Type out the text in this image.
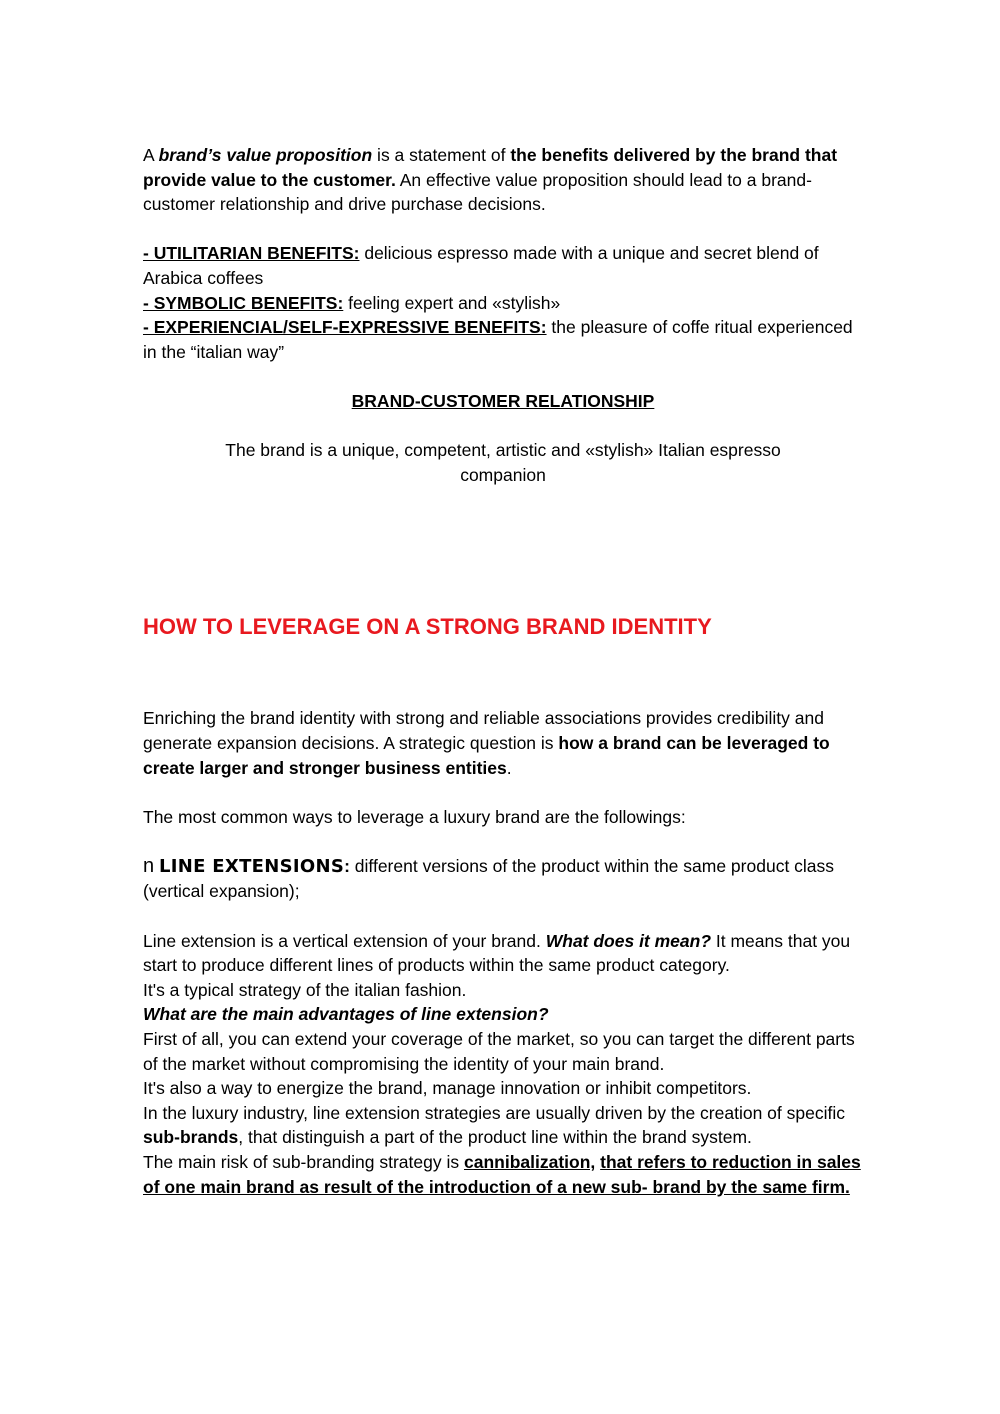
A brand’s value proposition is a statement of the benefits delivered by the brand that provide value to the customer. An effective value proposition should lead to a brand-customer relationship and drive purchase decisions.

- UTILITARIAN BENEFITS: delicious espresso made with a unique and secret blend of Arabica coffees

- SYMBOLIC BENEFITS: feeling expert and «stylish»

- EXPERIENCIAL/SELF-EXPRESSIVE BENEFITS: the pleasure of coffe ritual experienced in the “italian way”

BRAND-CUSTOMER RELATIONSHIP

The brand is a unique, competent, artistic and «stylish» Italian espresso companion

HOW TO LEVERAGE ON A STRONG BRAND IDENTITY

Enriching the brand identity with strong and reliable associations provides credibility and generate expansion decisions. A strategic question is how a brand can be leveraged to create larger and stronger business entities.

The most common ways to leverage a luxury brand are the followings:

n LINE EXTENSIONS: different versions of the product within the same product class (vertical expansion);

Line extension is a vertical extension of your brand. What does it mean? It means that you start to produce different lines of products within the same product category.

It's a typical strategy of the italian fashion.

What are the main advantages of line extension?

First of all, you can extend your coverage of the market, so you can target the different parts of the market without compromising the identity of your main brand.

It's also a way to energize the brand, manage innovation or inhibit competitors.

In the luxury industry, line extension strategies are usually driven by the creation of specific sub-brands, that distinguish a part of the product line within the brand system.

The main risk of sub-branding strategy is cannibalization, that refers to reduction in sales of one main brand as result of the introduction of a new sub- brand by the same firm.
